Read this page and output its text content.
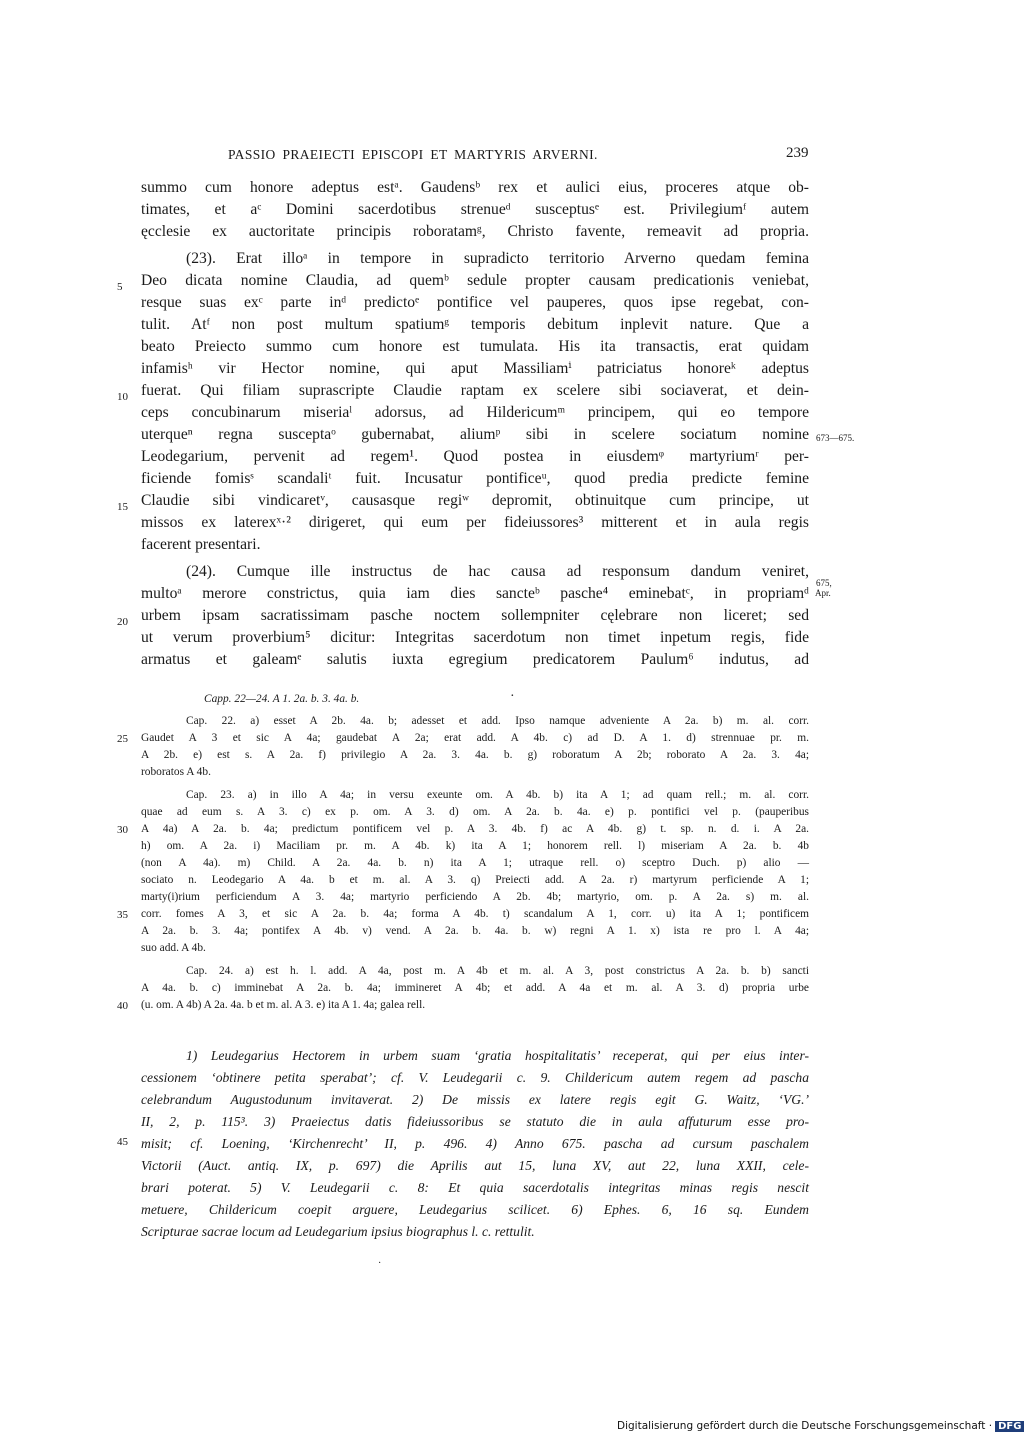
PASSIO PRAEIECTI EPISCOPI ET MARTYRIS ARVERNI.	239
summo cum honore adeptus estᵃ. Gaudensᵇ rex et aulici eius, proceres atque ob-
timates, et aᶜ Domini sacerdotibus strenueᵈ susceptusᵉ est. Privilegiumᶠ autem
ęcclesie ex auctoritate principis roboratamᵍ, Christo favente, remeavit ad propria.
(23). Erat illoᵃ in tempore in supradicto territorio Arverno quedam femina
Deo dicata nomine Claudia, ad quemᵇ sedule propter causam predicationis veniebat,
resque suas exᶜ parte inᵈ predictoᵉ pontifice vel pauperes, quos ipse regebat, con-
tulit. Atᶠ non post multum spatiumᵍ temporis debitum inplevit nature. Que a
beato Preiecto summo cum honore est tumulata. His ita transactis, erat quidam
infamisʰ vir Hector nomine, qui aput Massiliamⁱ patriciatus honoreᵏ adeptus
fuerat. Qui filiam suprascripte Claudie raptam ex scelere sibi sociaverat, et dein-
ceps concubinarum miseriaˡ adorsus, ad Hildericumᵐ principem, qui eo tempore
uterqueⁿ regna susceptaᵒ gubernabat, aliumᵖ sibi in scelere sociatum nomine
Leodegarium, pervenit ad regem¹. Quod postea in eiusdemᵠ martyriumʳ per-
ficiende fomisˢ scandaliᵗ fuit. Incusatur pontificeᵘ, quod predia predicte femine
Claudie sibi vindicaretᵛ, causasque regiʷ depromit, obtinuitque cum principe, ut
missos ex laterexˣ·² dirigeret, qui eum per fideiussores³ mitterent et in aula regis
facerent presentari.
(24). Cumque ille instructus de hac causa ad responsum dandum veniret,
multoᵃ merore constrictus, quia iam dies sancteᵇ pasche⁴ eminebatᶜ, in propriamᵈ
urbem ipsam sacratissimam pasche noctem sollempniter cęlebrare non liceret; sed
ut verum proverbium⁵ dicitur: Integritas sacerdotum non timet inpetum regis, fide
armatus et galeamᵉ salutis iuxta egregium predicatorem Paulum⁶ indutus, ad
5
10
15
20
673—675.
675,
Apr.
·
Capp. 22—24. A 1. 2a. b. 3. 4a. b.
Cap. 22. a) esset A 2b. 4a. b; adesset et add. Ipso namque adveniente A 2a. b) m. al. corr.
Gaudet A 3 et sic A 4a; gaudebat A 2a; erat add. A 4b. c) ad D. A 1. d) strennuae pr. m.
A 2b. e) est s. A 2a. f) privilegio A 2a. 3. 4a. b. g) roboratum A 2b; roborato A 2a. 3. 4a;
roboratos A 4b.
Cap. 23. a) in illo A 4a; in versu exeunte om. A 4b. b) ita A 1; ad quam rell.; m. al. corr.
quae ad eum s. A 3. c) ex p. om. A 3. d) om. A 2a. b. 4a. e) p. pontifici vel p. (pauperibus
A 4a) A 2a. b. 4a; predictum pontificem vel p. A 3. 4b. f) ac A 4b. g) t. sp. n. d. i. A 2a.
h) om. A 2a. i) Maciliam pr. m. A 4b. k) ita A 1; honorem rell. l) miseriam A 2a. b. 4b
(non A 4a). m) Child. A 2a. 4a. b. n) ita A 1; utraque rell. o) sceptro Duch. p) alio —
sociato n. Leodegario A 4a. b et m. al. A 3. q) Preiecti add. A 2a. r) martyrum perficiende A 1;
marty(i)rium perficiendum A 3. 4a; martyrio perficiendo A 2b. 4b; martyrio, om. p. A 2a. s) m. al.
corr. fomes A 3, et sic A 2a. b. 4a; forma A 4b. t) scandalum A 1, corr. u) ita A 1; pontificem
A 2a. b. 3. 4a; pontifex A 4b. v) vend. A 2a. b. 4a. b. w) regni A 1. x) ista re pro l. A 4a;
suo add. A 4b.
Cap. 24. a) est h. l. add. A 4a, post m. A 4b et m. al. A 3, post constrictus A 2a. b. b) sancti
A 4a. b. c) imminebat A 2a. b. 4a; immineret A 4b; et add. A 4a et m. al. A 3. d) propria urbe
(u. om. A 4b) A 2a. 4a. b et m. al. A 3. e) ita A 1. 4a; galea rell.
25
30
35
40
1) Leudegarius Hectorem in urbem suam ‘gratia hospitalitatis’ receperat, qui per eius inter-
cessionem ‘obtinere petita sperabat’; cf. V. Leudegarii c. 9. Childericum autem regem ad pascha
celebrandum Augustodunum invitaverat. 2) De missis ex latere regis egit G. Waitz, ‘VG.’
II, 2, p. 115³. 3) Praeiectus datis fideiussoribus se statuto die in aula affuturum esse pro-
misit; cf. Loening, ‘Kirchenrecht’ II, p. 496. 4) Anno 675. pascha ad cursum paschalem
Victorii (Auct. antiq. IX, p. 697) die Aprilis aut 15, luna XV, aut 22, luna XXII, cele-
brari poterat. 5) V. Leudegarii c. 8: Et quia sacerdotalis integritas minas regis nescit
metuere, Childericum coepit arguere, Leudegarius scilicet. 6) Ephes. 6, 16 sq. Eundem
Scripturae sacrae locum ad Leudegarium ipsius biographus l. c. rettulit.
45
·
Digitalisierung gefördert durch die Deutsche Forschungsgemeinschaft · DFG
